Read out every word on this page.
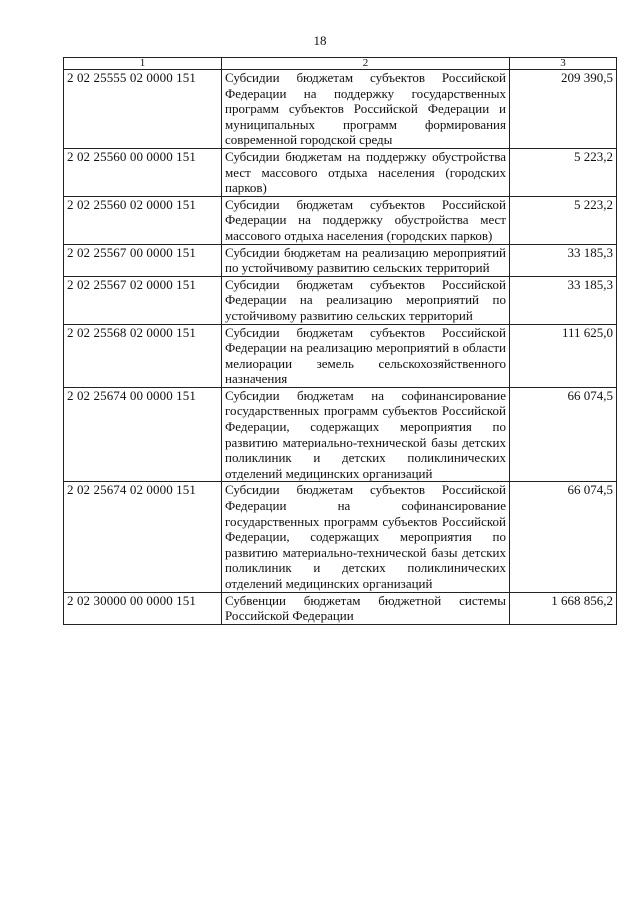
18
1	2	3
2 02 25555 02 0000 151	Субсидии бюджетам субъектов Российской Федерации на поддержку государственных программ субъектов Российской Федерации и муниципальных программ формирования современной городской среды	209 390,5
2 02 25560 00 0000 151	Субсидии бюджетам на поддержку обустройства мест массового отдыха населения (городских парков)	5 223,2
2 02 25560 02 0000 151	Субсидии бюджетам субъектов Российской Федерации на поддержку обустройства мест массового отдыха населения (городских парков)	5 223,2
2 02 25567 00 0000 151	Субсидии бюджетам на реализацию мероприятий по устойчивому развитию сельских территорий	33 185,3
2 02 25567 02 0000 151	Субсидии бюджетам субъектов Российской Федерации на реализацию мероприятий по устойчивому развитию сельских территорий	33 185,3
2 02 25568 02 0000 151	Субсидии бюджетам субъектов Российской Федерации на реализацию мероприятий в области мелиорации земель сельскохозяйственного назначения	111 625,0
2 02 25674 00 0000 151	Субсидии бюджетам на софинансирование государственных программ субъектов Российской Федерации, содержащих мероприятия по развитию материально-технической базы детских поликлиник и детских поликлинических отделений медицинских организаций	66 074,5
2 02 25674 02 0000 151	Субсидии бюджетам субъектов Российской Федерации на софинансирование государственных программ субъектов Российской Федерации, содержащих мероприятия по развитию материально-технической базы детских поликлиник и детских поликлинических отделений медицинских организаций	66 074,5
2 02 30000 00 0000 151	Субвенции бюджетам бюджетной системы Российской Федерации	1 668 856,2
